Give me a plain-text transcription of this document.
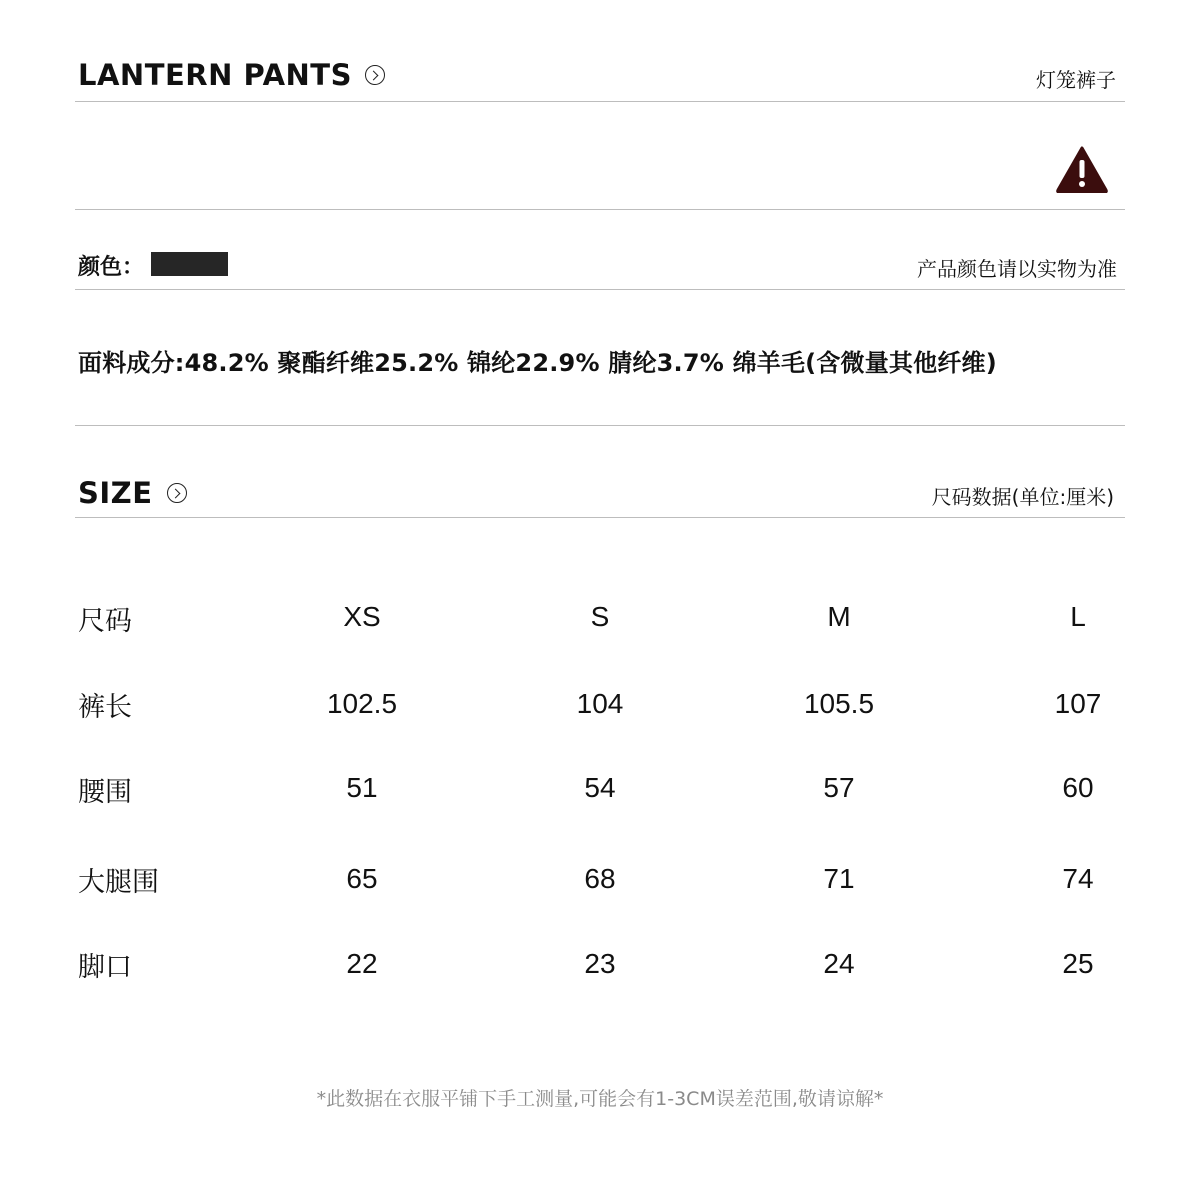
LANTERN PANTS	灯笼裤子
颜色：	产品颜色请以实物为准
面料成分:48.2% 聚酯纤维25.2% 锦纶22.9% 腈纶3.7% 绵羊毛(含微量其他纤维)
SIZE	尺码数据(单位:厘米)
尺码	XS	S	M	L
裤长	102.5	104	105.5	107
腰围	51	54	57	60
大腿围	65	68	71	74
脚口	22	23	24	25
*此数据在衣服平铺下手工测量,可能会有1-3CM误差范围,敬请谅解*
